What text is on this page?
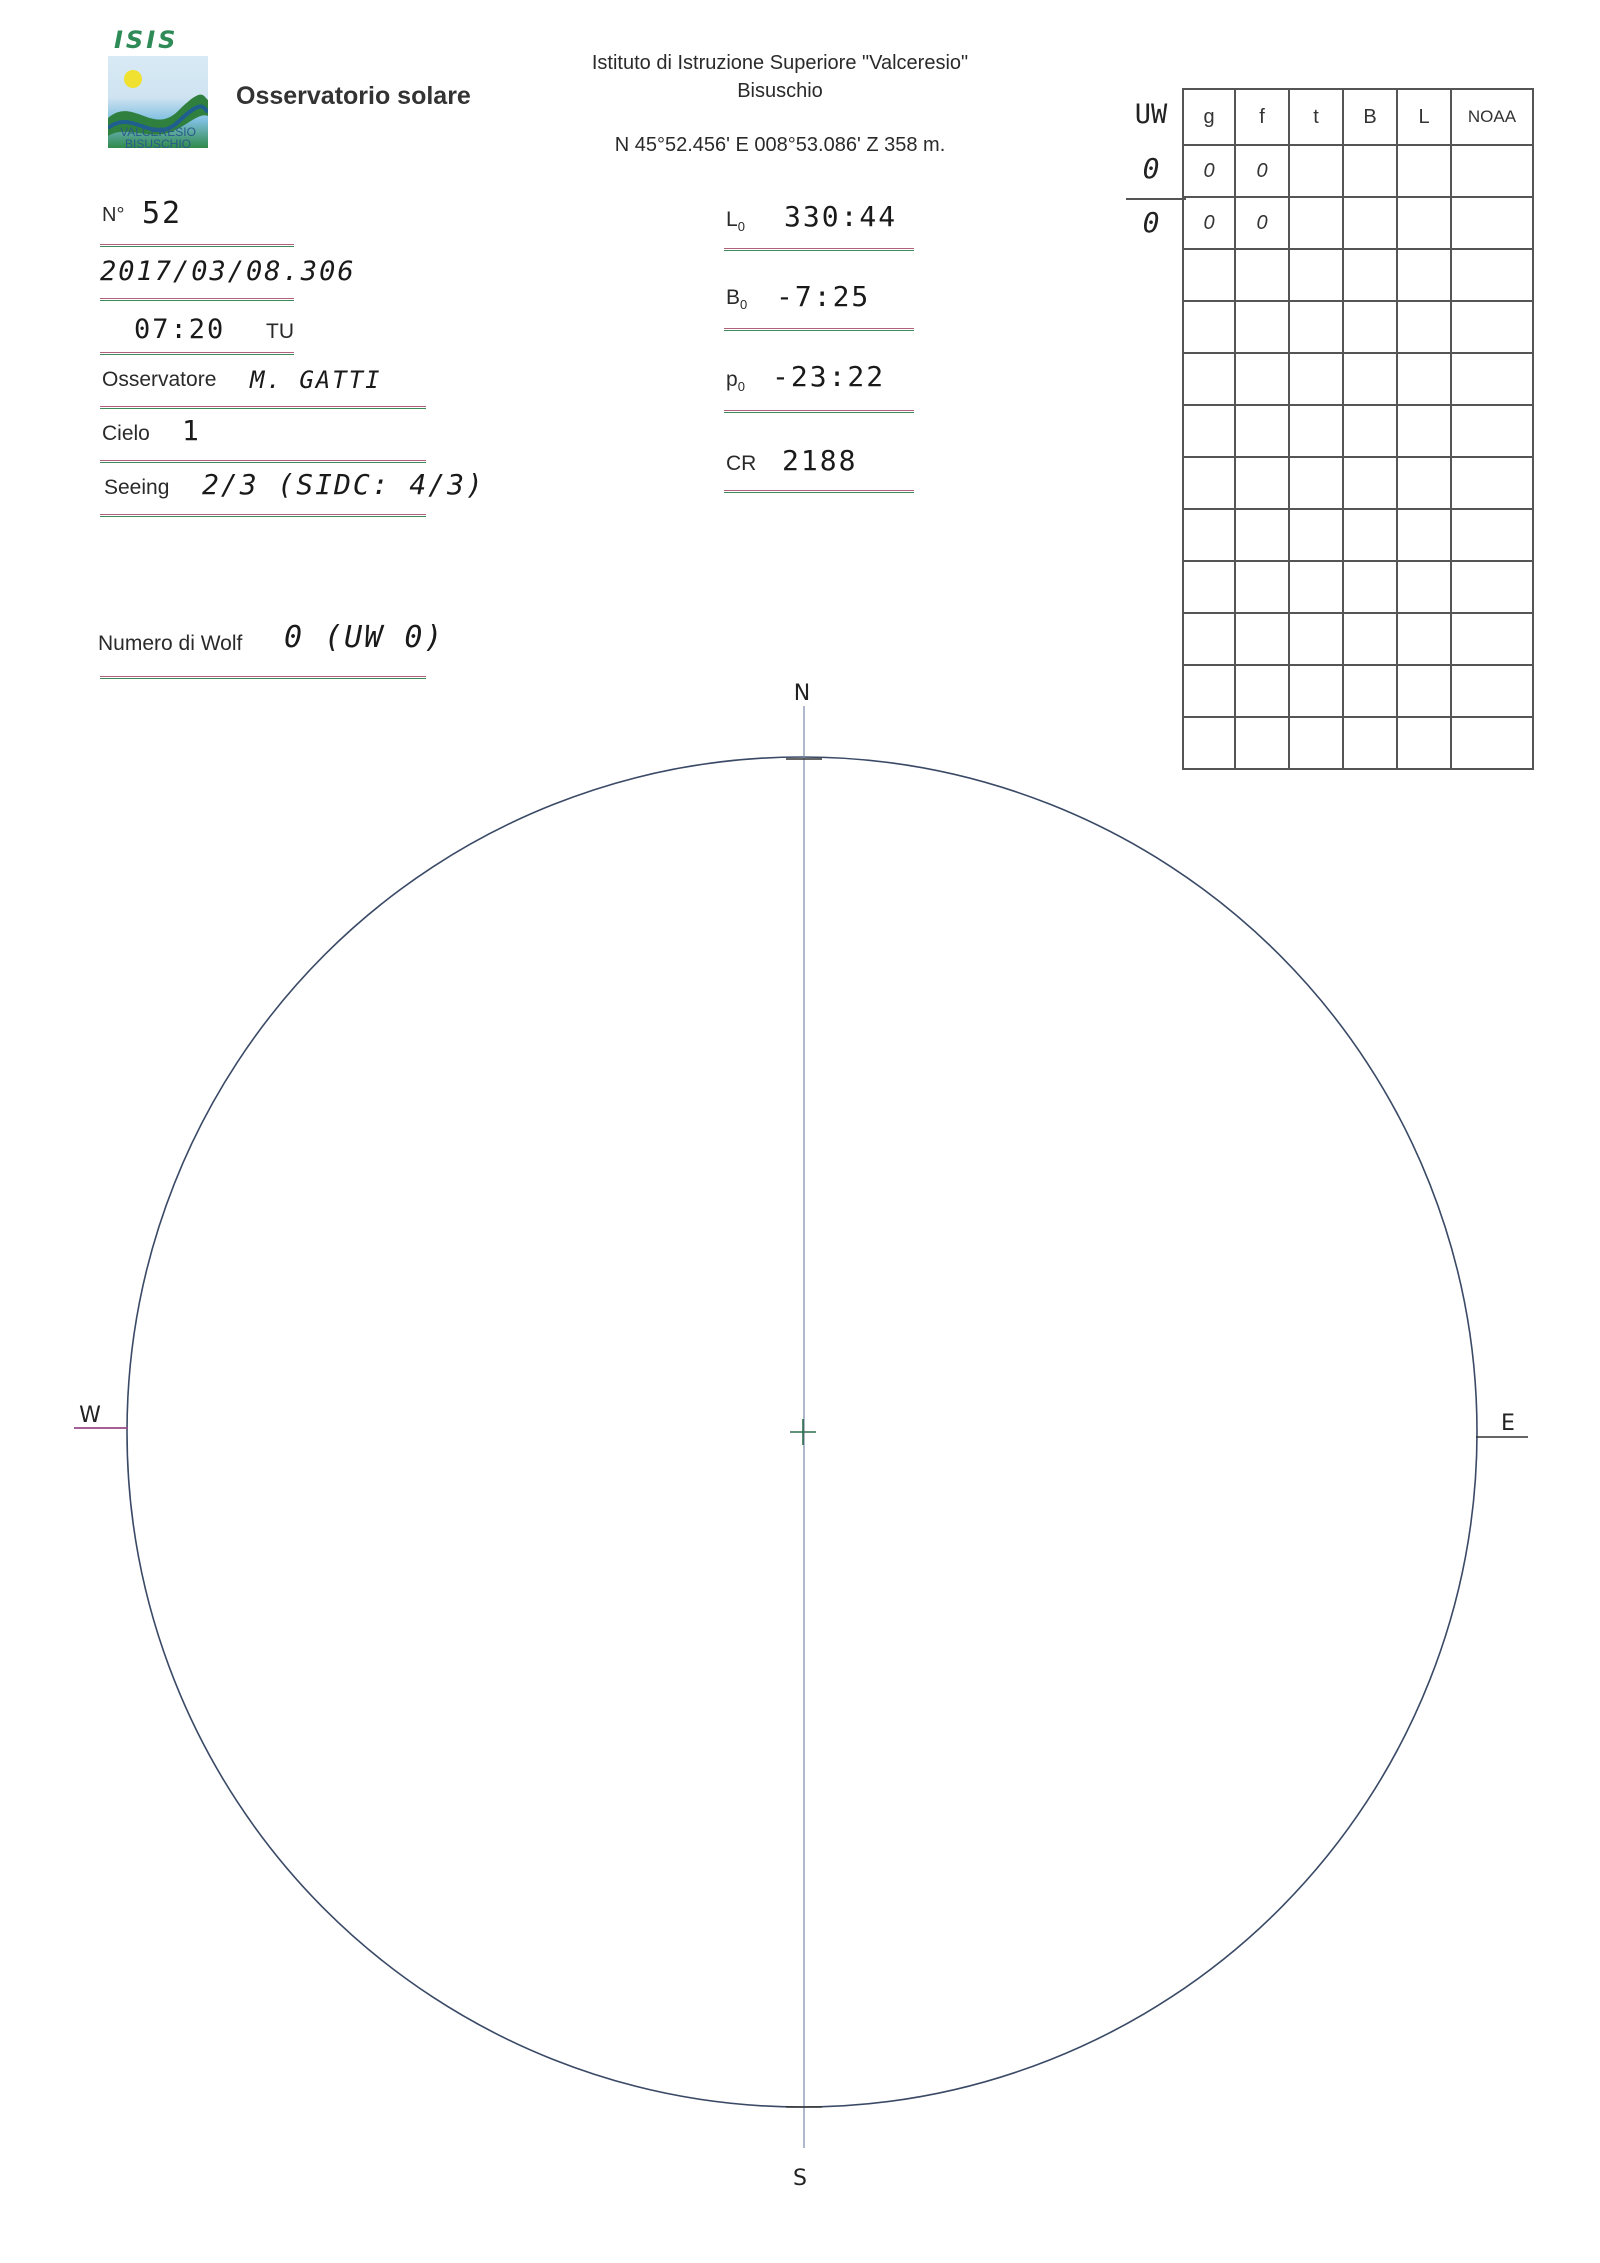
ISIS
VALCERESIO
BISUSCHIO
Osservatorio solare
Istituto di Istruzione Superiore "Valceresio"
Bisuschio
N 45°52.456' E 008°53.086' Z 358 m.
N° 52
2017/03/08.306
07:20 TU
Osservatore M. GATTI
Cielo 1
Seeing 2/3 (SIDC: 4/3)
Numero di Wolf 0 (UW 0)
$L_0$ 330:44
$B_0$ -7:25
$p_0$ -23:22
CR 2188
UW
0
0
g	f	t	B	L	NOAA
0	0				
0	0				

N
S
E
W
